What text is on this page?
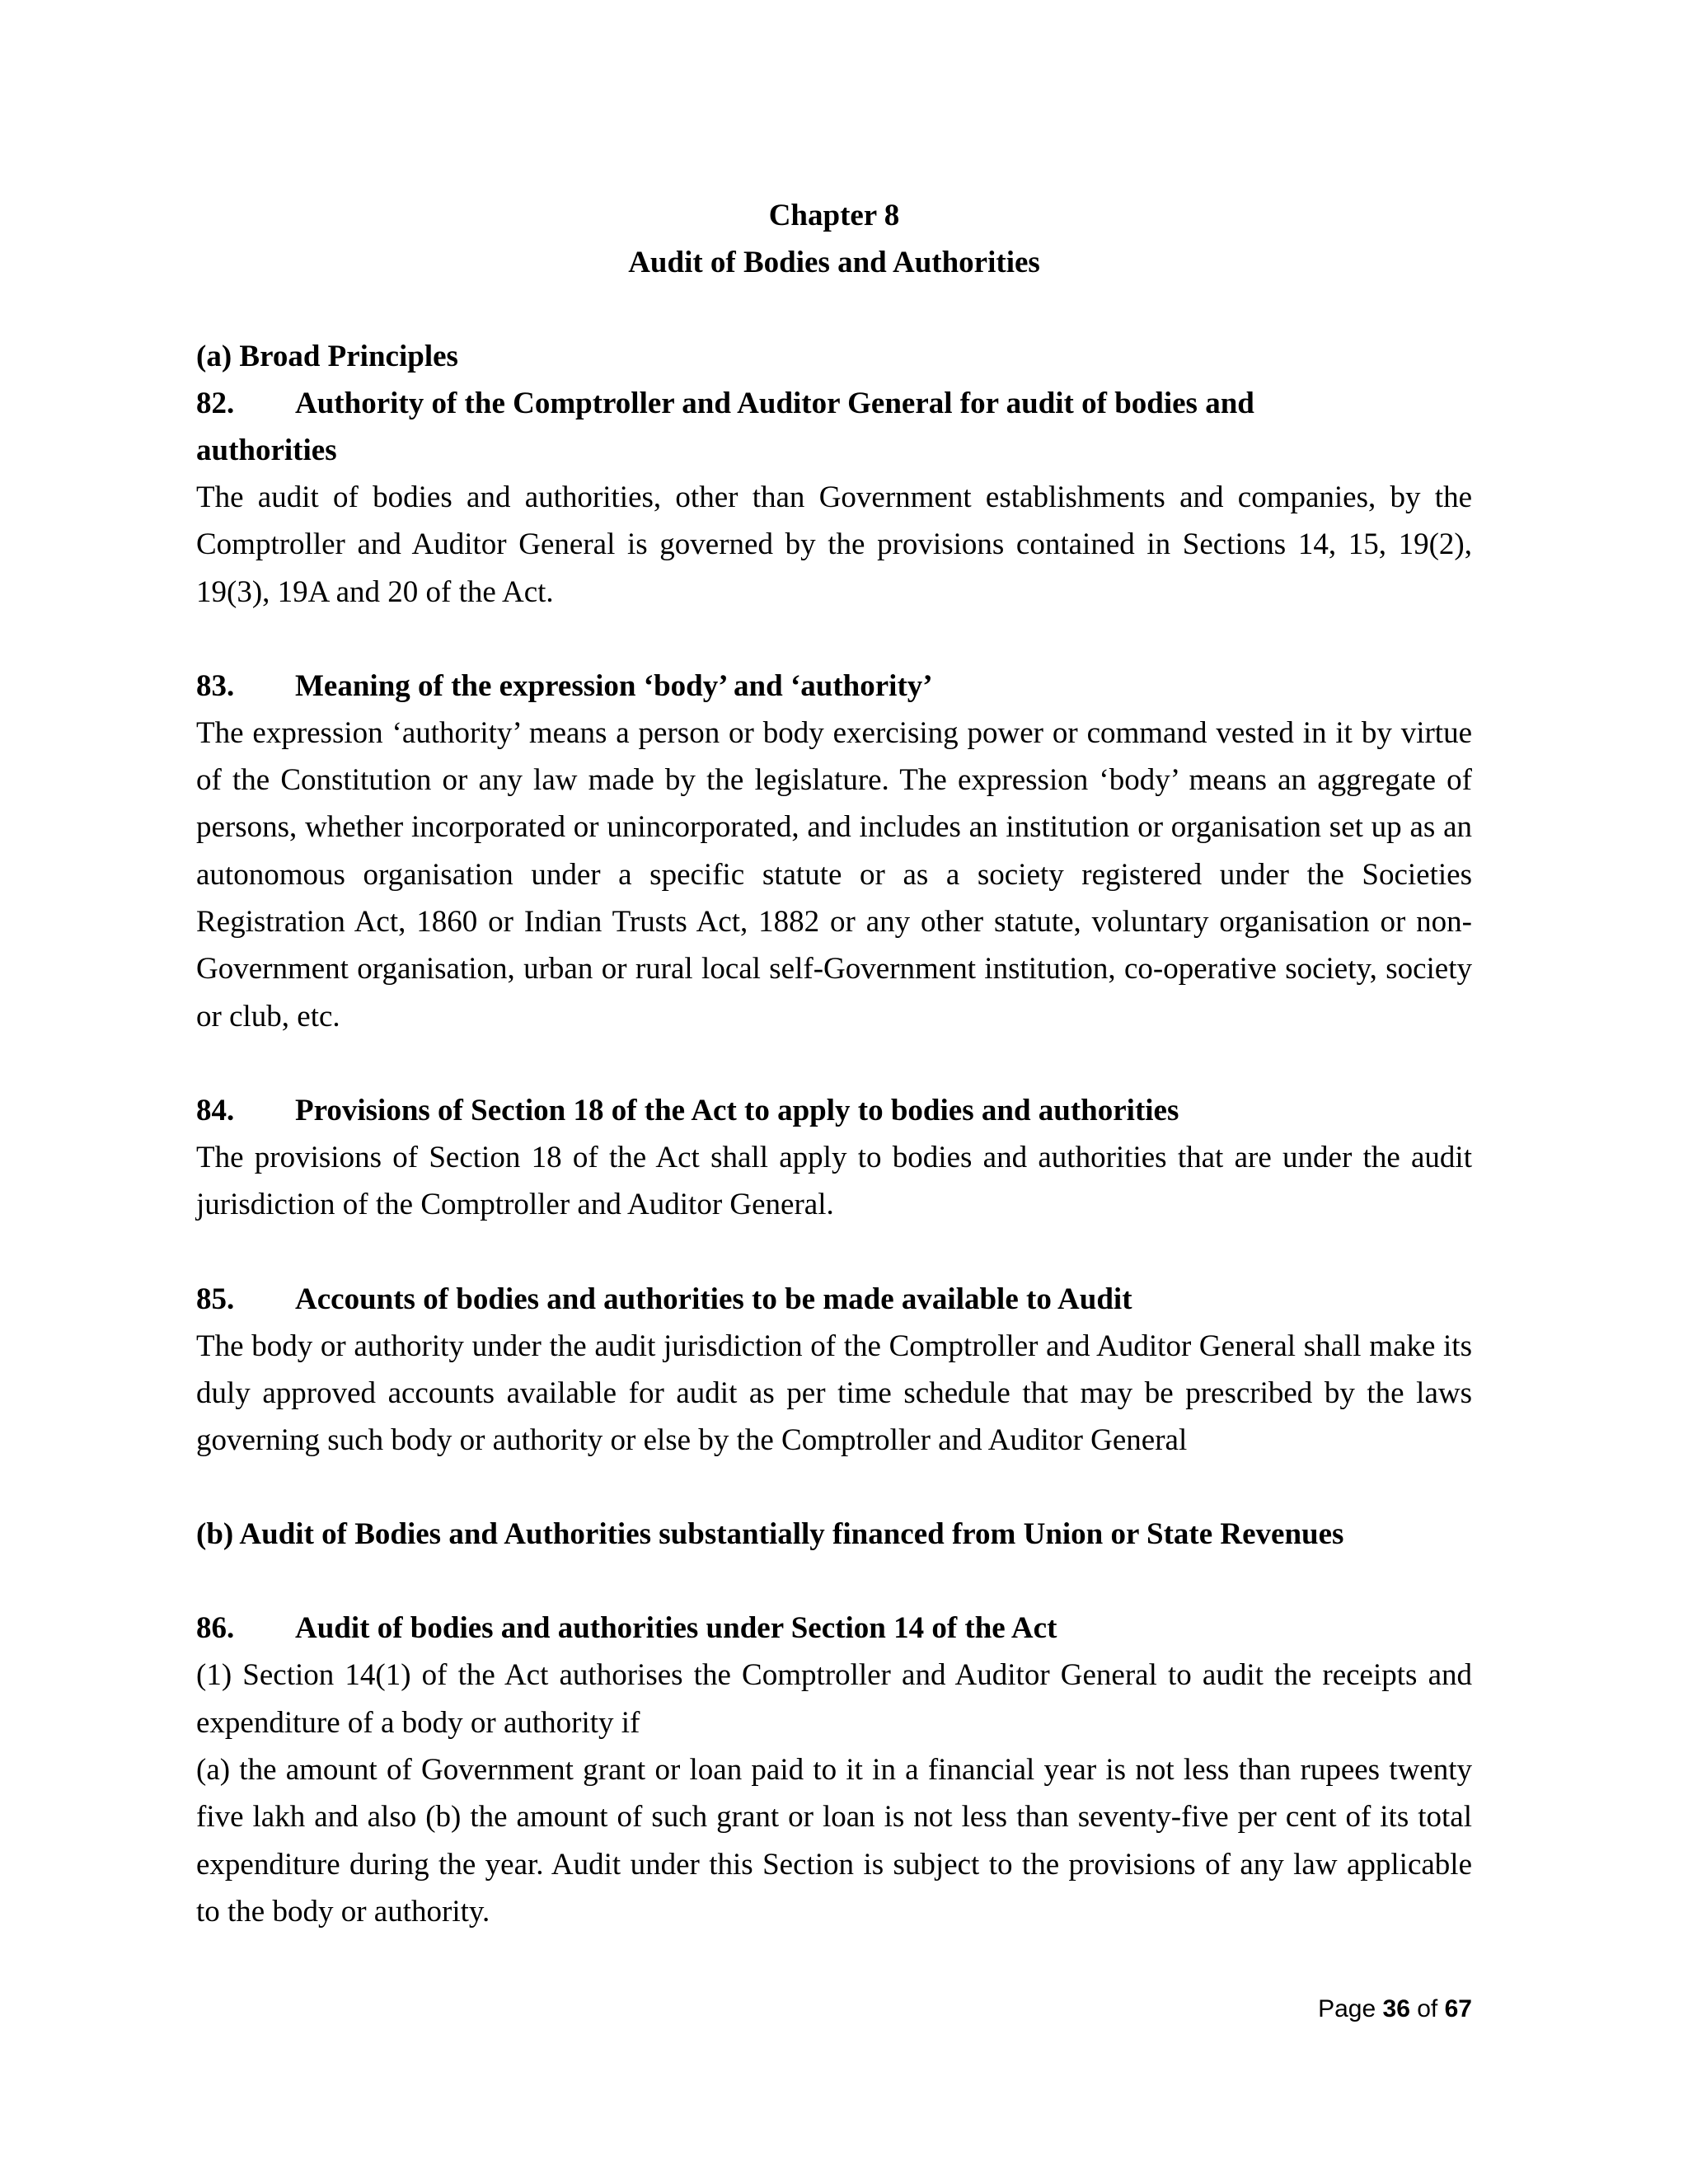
Chapter 8
Audit of Bodies and Authorities
(a) Broad Principles
82. Authority of the Comptroller and Auditor General for audit of bodies and
authorities

The audit of bodies and authorities, other than Government establishments and companies, by the Comptroller and Auditor General is governed by the provisions contained in Sections 14, 15, 19(2), 19(3), 19A and 20 of the Act.

83. Meaning of the expression ‘body’ and ‘authority’

The expression ‘authority’ means a person or body exercising power or command vested in it by virtue of the Constitution or any law made by the legislature. The expression ‘body’ means an aggregate of persons, whether incorporated or unincorporated, and includes an institution or organisation set up as an autonomous organisation under a specific statute or as a society registered under the Societies Registration Act, 1860 or Indian Trusts Act, 1882 or any other statute, voluntary organisation or non-Government organisation, urban or rural local self-Government institution, co-operative society, society or club, etc.

84. Provisions of Section 18 of the Act to apply to bodies and authorities

The provisions of Section 18 of the Act shall apply to bodies and authorities that are under the audit jurisdiction of the Comptroller and Auditor General.

85. Accounts of bodies and authorities to be made available to Audit

The body or authority under the audit jurisdiction of the Comptroller and Auditor General shall make its duly approved accounts available for audit as per time schedule that may be prescribed by the laws governing such body or authority or else by the Comptroller and Auditor General

(b) Audit of Bodies and Authorities substantially financed from Union or State Revenues
86. Audit of bodies and authorities under Section 14 of the Act

(1) Section 14(1) of the Act authorises the Comptroller and Auditor General to audit the receipts and expenditure of a body or authority if

(a) the amount of Government grant or loan paid to it in a financial year is not less than rupees twenty five lakh and also (b) the amount of such grant or loan is not less than seventy-five per cent of its total expenditure during the year. Audit under this Section is subject to the provisions of any law applicable to the body or authority.

Page 36 of 67
